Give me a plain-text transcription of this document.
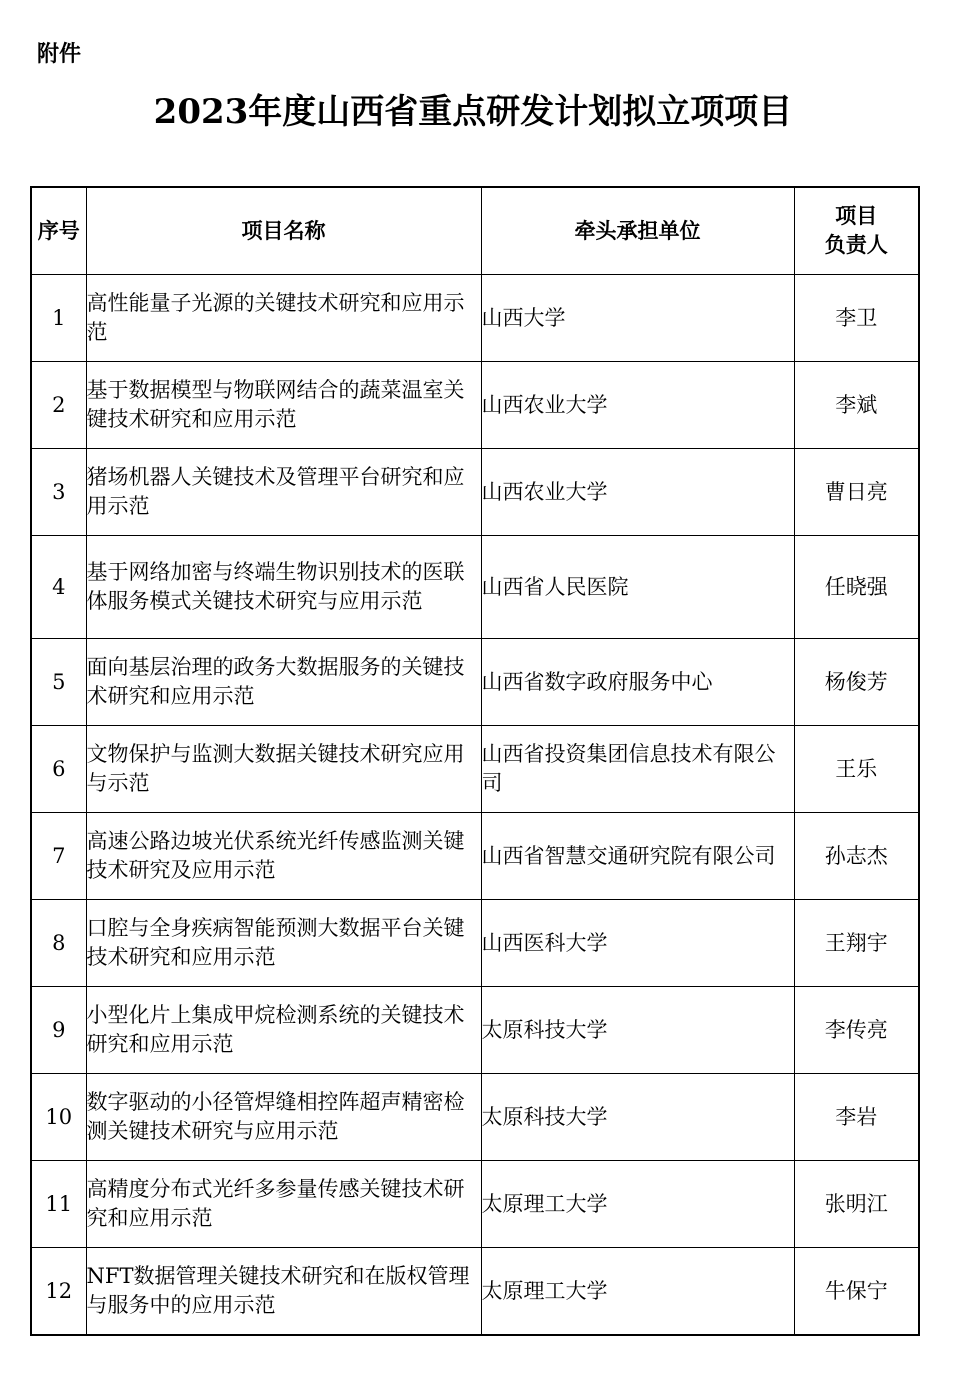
附件
2023年度山西省重点研发计划拟立项项目
序号	项目名称	牵头承担单位	项目
负责人

1	高性能量子光源的关键技术研究和应用示范	山西大学	李卫
2	基于数据模型与物联网结合的蔬菜温室关键技术研究和应用示范	山西农业大学	李斌
3	猪场机器人关键技术及管理平台研究和应用示范	山西农业大学	曹日亮
4	基于网络加密与终端生物识别技术的医联体服务模式关键技术研究与应用示范	山西省人民医院	任晓强
5	面向基层治理的政务大数据服务的关键技术研究和应用示范	山西省数字政府服务中心	杨俊芳
6	文物保护与监测大数据关键技术研究应用与示范	山西省投资集团信息技术有限公司	王乐
7	高速公路边坡光伏系统光纤传感监测关键技术研究及应用示范	山西省智慧交通研究院有限公司	孙志杰
8	口腔与全身疾病智能预测大数据平台关键技术研究和应用示范	山西医科大学	王翔宇
9	小型化片上集成甲烷检测系统的关键技术研究和应用示范	太原科技大学	李传亮
10	数字驱动的小径管焊缝相控阵超声精密检测关键技术研究与应用示范	太原科技大学	李岩
11	高精度分布式光纤多参量传感关键技术研究和应用示范	太原理工大学	张明江
12	NFT数据管理关键技术研究和在版权管理与服务中的应用示范	太原理工大学	牛保宁
